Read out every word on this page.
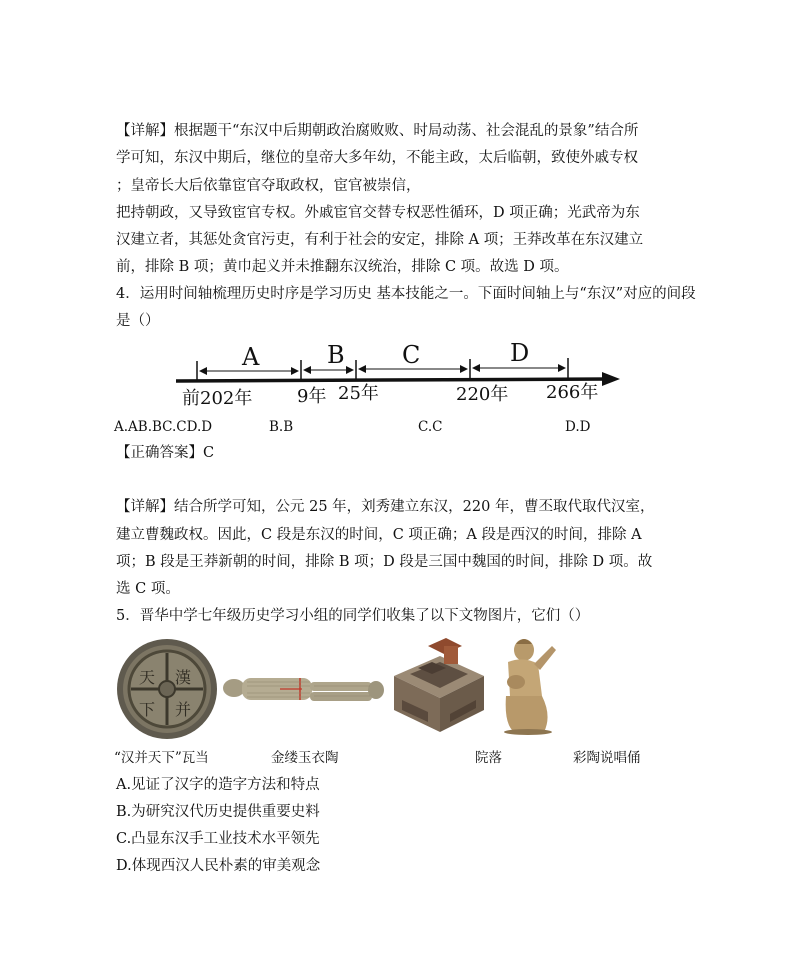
【详解】根据题干“东汉中后期朝政治腐败败、时局动荡、社会混乱的景象”结合所
学可知，东汉中期后，继位的皇帝大多年幼，不能主政，太后临朝，致使外戚专权
；皇帝长大后依靠宦官夺取政权，宦官被崇信，
把持朝政，又导致宦官专权。外戚宦官交替专权恶性循环，D 项正确；光武帝为东
汉建立者，其惩处贪官污吏，有利于社会的安定，排除 A 项；王莽改革在东汉建立
前，排除 B 项；黄巾起义并未推翻东汉统治，排除 C 项。故选 D 项。
4．运用时间轴梳理历史时序是学习历史 基本技能之一。下面时间轴上与“东汉”对应的间段
是（）
A	B C	D
前202年 9年 25年	220年 266年
A.AB.BC.CD.D	B.B	C.C	D.D
【正确答案】C
【详解】结合所学可知，公元 25 年，刘秀建立东汉，220 年，曹丕取代取代汉室，
建立曹魏政权。因此，C 段是东汉的时间，C 项正确；A 段是西汉的时间，排除 A
项；B 段是王莽新朝的时间，排除 B 项；D 段是三国中魏国的时间，排除 D 项。故
选 C 项。
5．晋华中学七年级历史学习小组的同学们收集了以下文物图片，它们（）
天 漢
下 并
“汉并天下”瓦当	金缕玉衣陶	院落	彩陶说唱俑
A.见证了汉字的造字方法和特点
B.为研究汉代历史提供重要史料
C.凸显东汉手工业技术水平领先
D.体现西汉人民朴素的审美观念
